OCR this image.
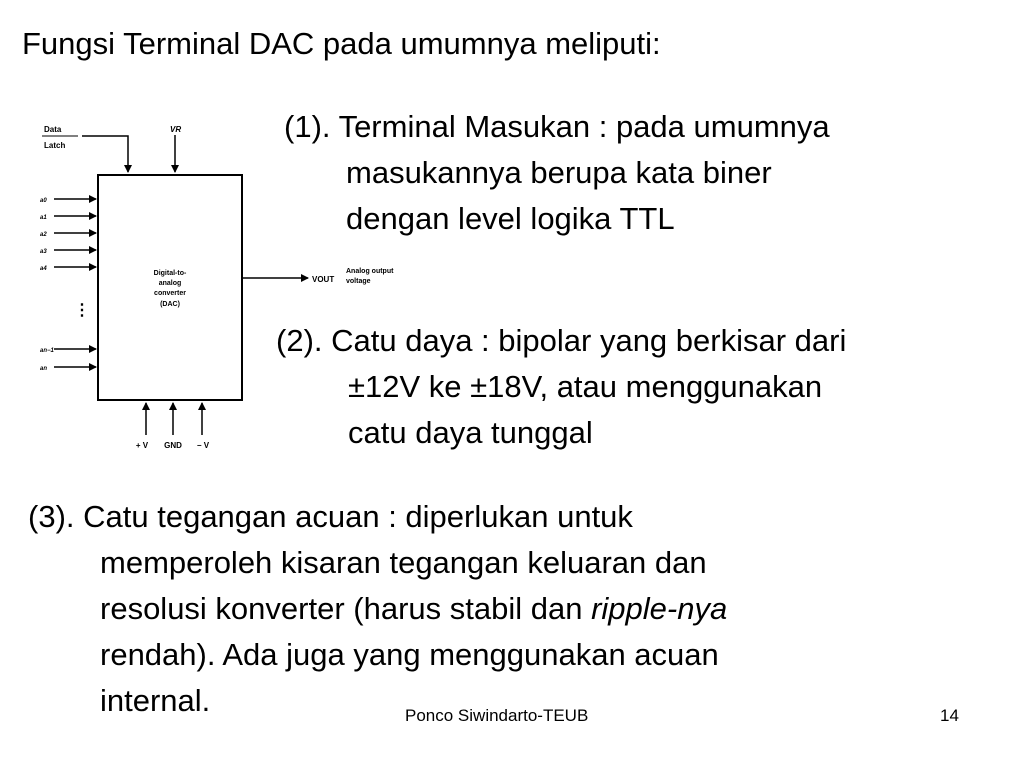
Fungsi Terminal DAC pada umumnya meliputi:
Data
Latch
VR
a0
a1
a2
a3
a4
⋮
an−1
an
Digital-to-
analog
converter
(DAC)
VOUT
Analog output
voltage
+ V GND − V
(1). Terminal Masukan : pada umumnya
masukannya berupa kata biner
dengan level logika TTL
(2). Catu daya : bipolar yang berkisar dari
±12V ke ±18V, atau menggunakan
catu daya tunggal
(3). Catu tegangan acuan : diperlukan untuk
memperoleh kisaran tegangan keluaran dan
resolusi konverter (harus stabil dan ripple-nya
rendah). Ada juga yang menggunakan acuan
internal.	Ponco Siwindarto-TEUB	14
